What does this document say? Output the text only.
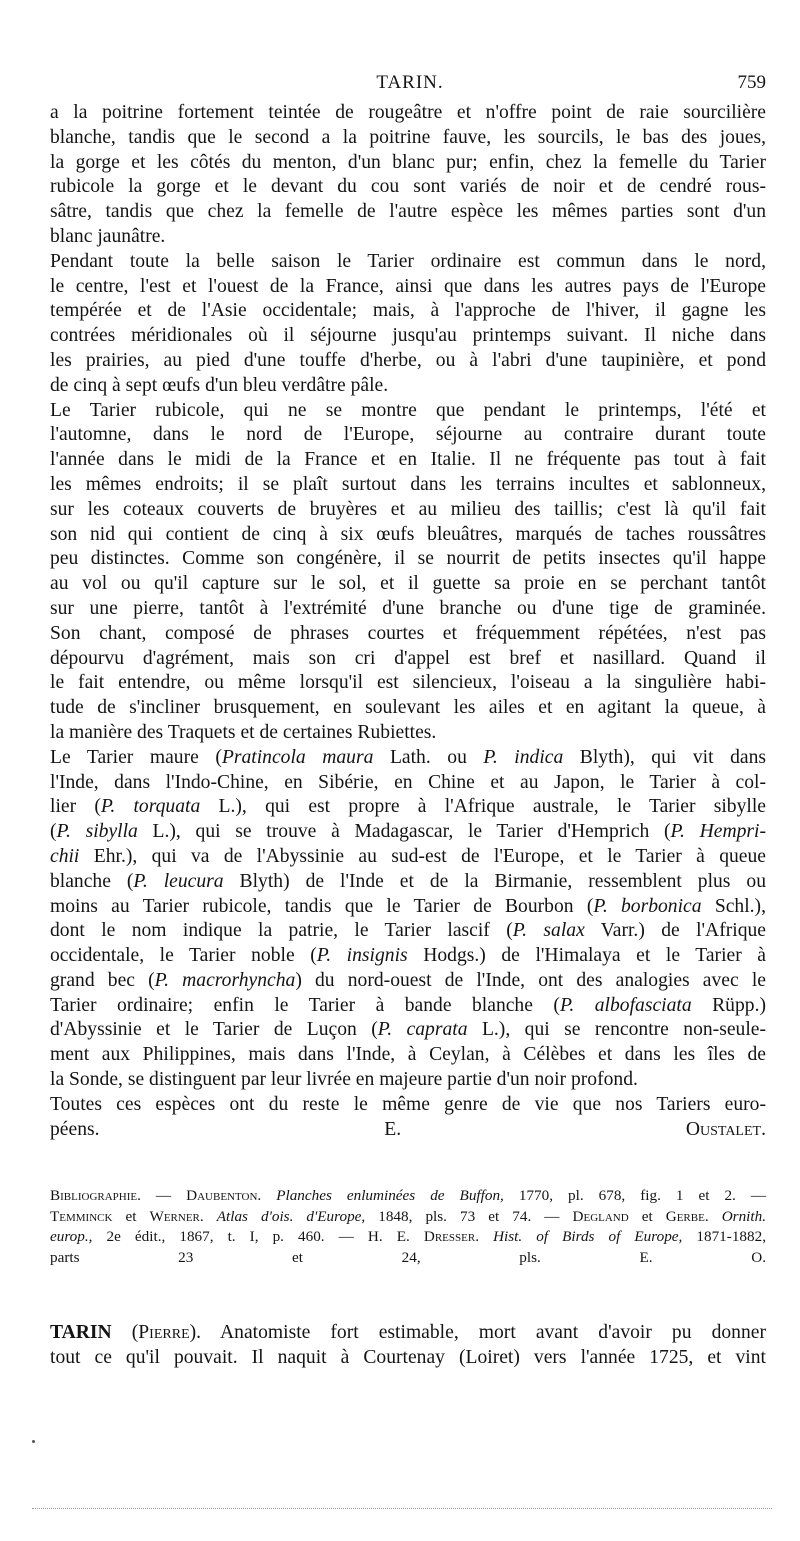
TARIN.	759
a la poitrine fortement teintée de rougeâtre et n'offre point de raie sourcilière
blanche, tandis que le second a la poitrine fauve, les sourcils, le bas des joues,
la gorge et les côtés du menton, d'un blanc pur; enfin, chez la femelle du Tarier
rubicole la gorge et le devant du cou sont variés de noir et de cendré rous-
sâtre, tandis que chez la femelle de l'autre espèce les mêmes parties sont d'un
blanc jaunâtre.
Pendant toute la belle saison le Tarier ordinaire est commun dans le nord,
le centre, l'est et l'ouest de la France, ainsi que dans les autres pays de l'Europe
tempérée et de l'Asie occidentale; mais, à l'approche de l'hiver, il gagne les
contrées méridionales où il séjourne jusqu'au printemps suivant. Il niche dans
les prairies, au pied d'une touffe d'herbe, ou à l'abri d'une taupinière, et pond
de cinq à sept œufs d'un bleu verdâtre pâle.
Le Tarier rubicole, qui ne se montre que pendant le printemps, l'été et
l'automne, dans le nord de l'Europe, séjourne au contraire durant toute
l'année dans le midi de la France et en Italie. Il ne fréquente pas tout à fait
les mêmes endroits; il se plaît surtout dans les terrains incultes et sablonneux,
sur les coteaux couverts de bruyères et au milieu des taillis; c'est là qu'il fait
son nid qui contient de cinq à six œufs bleuâtres, marqués de taches roussâtres
peu distinctes. Comme son congénère, il se nourrit de petits insectes qu'il happe
au vol ou qu'il capture sur le sol, et il guette sa proie en se perchant tantôt
sur une pierre, tantôt à l'extrémité d'une branche ou d'une tige de graminée.
Son chant, composé de phrases courtes et fréquemment répétées, n'est pas
dépourvu d'agrément, mais son cri d'appel est bref et nasillard. Quand il
le fait entendre, ou même lorsqu'il est silencieux, l'oiseau a la singulière habi-
tude de s'incliner brusquement, en soulevant les ailes et en agitant la queue, à
la manière des Traquets et de certaines Rubiettes.
Le Tarier maure (Pratincola maura Lath. ou P. indica Blyth), qui vit dans
l'Inde, dans l'Indo-Chine, en Sibérie, en Chine et au Japon, le Tarier à col-
lier (P. torquata L.), qui est propre à l'Afrique australe, le Tarier sibylle
(P. sibylla L.), qui se trouve à Madagascar, le Tarier d'Hemprich (P. Hempri-
chii Ehr.), qui va de l'Abyssinie au sud-est de l'Europe, et le Tarier à queue
blanche (P. leucura Blyth) de l'Inde et de la Birmanie, ressemblent plus ou
moins au Tarier rubicole, tandis que le Tarier de Bourbon (P. borbonica Schl.),
dont le nom indique la patrie, le Tarier lascif (P. salax Varr.) de l'Afrique
occidentale, le Tarier noble (P. insignis Hodgs.) de l'Himalaya et le Tarier à
grand bec (P. macrorhyncha) du nord-ouest de l'Inde, ont des analogies avec le
Tarier ordinaire; enfin le Tarier à bande blanche (P. albofasciata Rüpp.)
d'Abyssinie et le Tarier de Luçon (P. caprata L.), qui se rencontre non-seule-
ment aux Philippines, mais dans l'Inde, à Ceylan, à Célèbes et dans les îles de
la Sonde, se distinguent par leur livrée en majeure partie d'un noir profond.
Toutes ces espèces ont du reste le même genre de vie que nos Tariers euro-
péens. E. Oustalet.
Bibliographie. — Daubenton. Planches enluminées de Buffon, 1770, pl. 678, fig. 1 et 2. —
Temminck et Werner. Atlas d'ois. d'Europe, 1848, pls. 73 et 74. — Degland et Gerbe. Ornith.
europ., 2e édit., 1867, t. I, p. 460. — H. E. Dresser. Hist. of Birds of Europe, 1871-1882,
parts 23 et 24, pls. E. O.
TARIN (Pierre). Anatomiste fort estimable, mort avant d'avoir pu donner
tout ce qu'il pouvait. Il naquit à Courtenay (Loiret) vers l'année 1725, et vint
